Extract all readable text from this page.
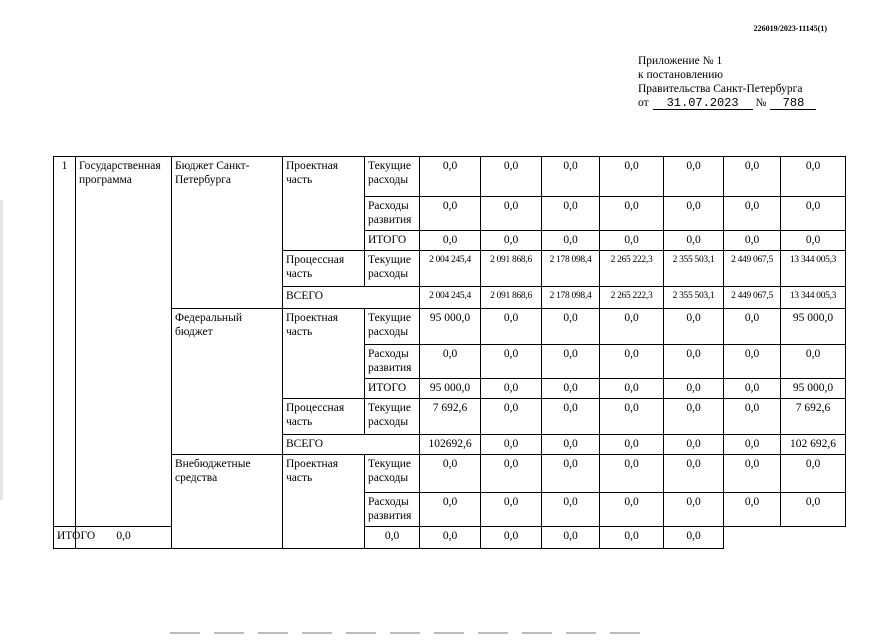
226019/2023-11145(1)
Приложение № 1
к постановлению
Правительства Санкт-Петербурга
от 31.07.2023 № 788
1	Государственная программа	Бюджет Санкт-Петербурга	Проектная часть	Текущие расходы	0,0	0,0	0,0	0,0	0,0	0,0	0,0
				Расходы развития	0,0	0,0	0,0	0,0	0,0	0,0	0,0
				ИТОГО	0,0	0,0	0,0	0,0	0,0	0,0	0,0
			Процессная часть	Текущие расходы	2 004 245,4	2 091 868,6	2 178 098,4	2 265 222,3	2 355 503,1	2 449 067,5	13 344 005,3
			ВСЕГО		2 004 245,4	2 091 868,6	2 178 098,4	2 265 222,3	2 355 503,1	2 449 067,5	13 344 005,3
		Федеральный бюджет	Проектная часть	Текущие расходы	95 000,0	0,0	0,0	0,0	0,0	0,0	95 000,0
				Расходы развития	0,0	0,0	0,0	0,0	0,0	0,0	0,0
				ИТОГО	95 000,0	0,0	0,0	0,0	0,0	0,0	95 000,0
			Процессная часть	Текущие расходы	7 692,6	0,0	0,0	0,0	0,0	0,0	7 692,6
			ВСЕГО		102692,6	0,0	0,0	0,0	0,0	0,0	102 692,6
		Внебюджетные средства	Проектная часть	Текущие расходы	0,0	0,0	0,0	0,0	0,0	0,0	0,0
				Расходы развития	0,0	0,0	0,0	0,0	0,0	0,0	0,0
ИТОГО	0,0			0,0	0,0	0,0	0,0	0,0	0,0		
